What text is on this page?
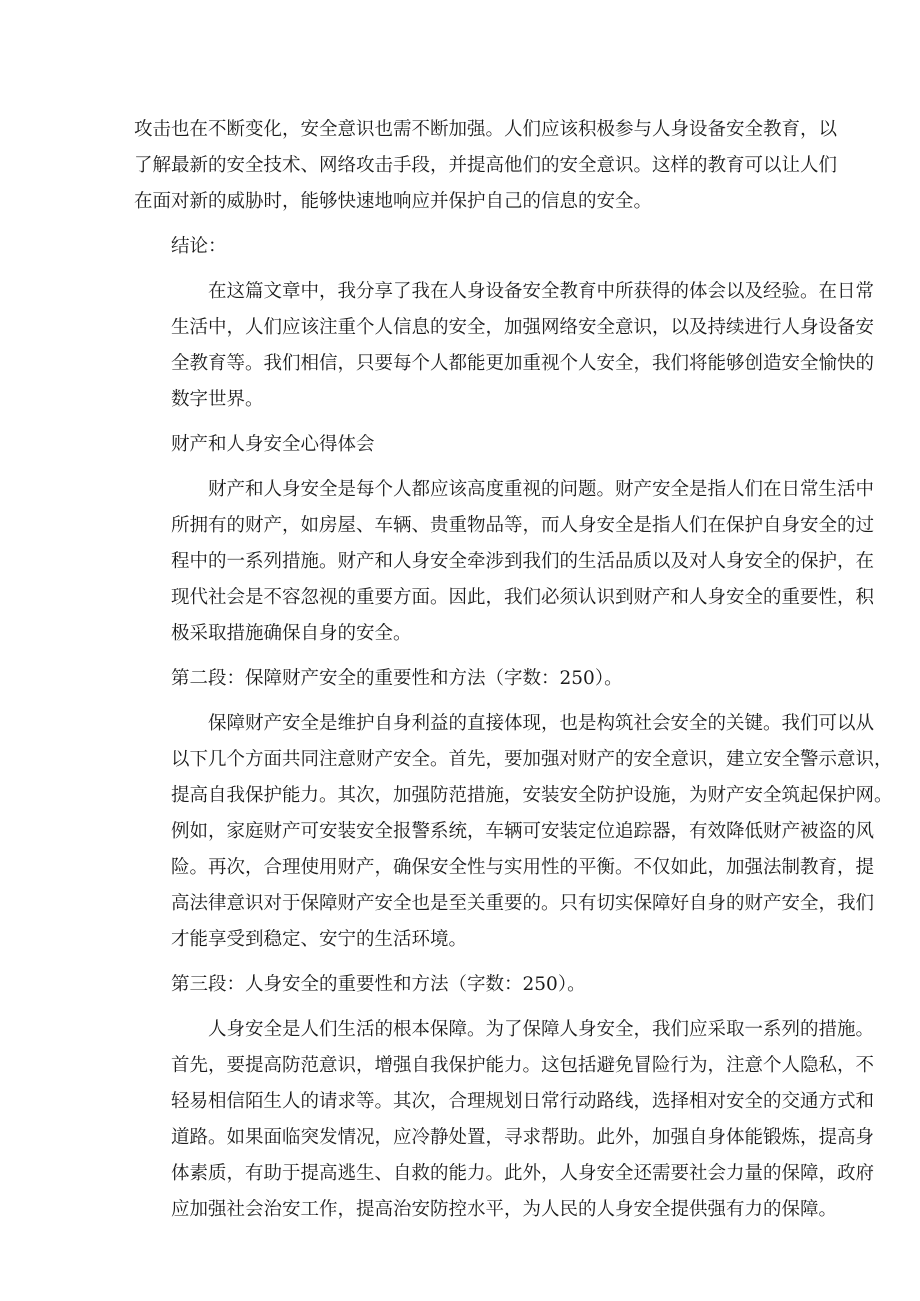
攻击也在不断变化，安全意识也需不断加强。人们应该积极参与人身设备安全教育，以
了解最新的安全技术、网络攻击手段，并提高他们的安全意识。这样的教育可以让人们
在面对新的威胁时，能够快速地响应并保护自己的信息的安全。
结论：
在这篇文章中，我分享了我在人身设备安全教育中所获得的体会以及经验。在日常
生活中，人们应该注重个人信息的安全，加强网络安全意识，以及持续进行人身设备安
全教育等。我们相信，只要每个人都能更加重视个人安全，我们将能够创造安全愉快的
数字世界。
财产和人身安全心得体会
财产和人身安全是每个人都应该高度重视的问题。财产安全是指人们在日常生活中
所拥有的财产，如房屋、车辆、贵重物品等，而人身安全是指人们在保护自身安全的过
程中的一系列措施。财产和人身安全牵涉到我们的生活品质以及对人身安全的保护，在
现代社会是不容忽视的重要方面。因此，我们必须认识到财产和人身安全的重要性，积
极采取措施确保自身的安全。
第二段：保障财产安全的重要性和方法（字数：250）。
保障财产安全是维护自身利益的直接体现，也是构筑社会安全的关键。我们可以从
以下几个方面共同注意财产安全。首先，要加强对财产的安全意识，建立安全警示意识，
提高自我保护能力。其次，加强防范措施，安装安全防护设施，为财产安全筑起保护网。
例如，家庭财产可安装安全报警系统，车辆可安装定位追踪器，有效降低财产被盗的风
险。再次，合理使用财产，确保安全性与实用性的平衡。不仅如此，加强法制教育，提
高法律意识对于保障财产安全也是至关重要的。只有切实保障好自身的财产安全，我们
才能享受到稳定、安宁的生活环境。
第三段：人身安全的重要性和方法（字数：250）。
人身安全是人们生活的根本保障。为了保障人身安全，我们应采取一系列的措施。
首先，要提高防范意识，增强自我保护能力。这包括避免冒险行为，注意个人隐私，不
轻易相信陌生人的请求等。其次，合理规划日常行动路线，选择相对安全的交通方式和
道路。如果面临突发情况，应冷静处置，寻求帮助。此外，加强自身体能锻炼，提高身
体素质，有助于提高逃生、自救的能力。此外，人身安全还需要社会力量的保障，政府
应加强社会治安工作，提高治安防控水平，为人民的人身安全提供强有力的保障。
